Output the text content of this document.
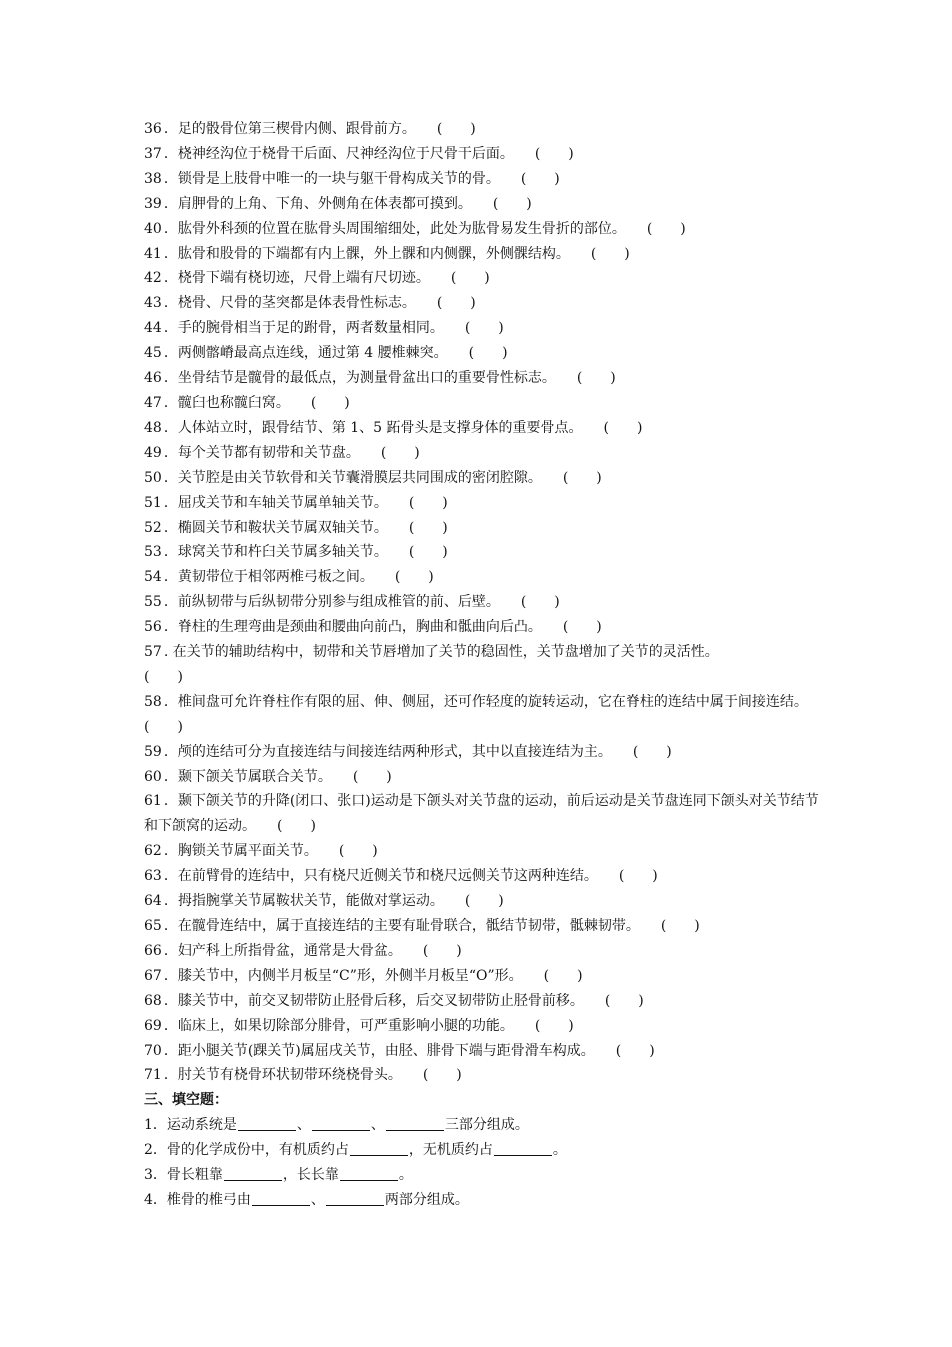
36 ．足的骰骨位第三楔骨内侧、跟骨前方。　　 (　　)
37 ．桡神经沟位于桡骨干后面、尺神经沟位于尺骨干后面。　　 (　　)
38 ．锁骨是上肢骨中唯一的一块与躯干骨构成关节的骨。　　 (　　)
39 ．肩胛骨的上角、下角、外侧角在体表都可摸到。　　 (　　)
40 ．肱骨外科颈的位置在肱骨头周围缩细处，此处为肱骨易发生骨折的部位。　　 (　　)
41 ．肱骨和股骨的下端都有内上髁，外上髁和内侧髁，外侧髁结构。　　 (　　)
42 ．桡骨下端有桡切迹，尺骨上端有尺切迹。　　 (　　)
43 ．桡骨、尺骨的茎突都是体表骨性标志。　　 (　　)
44 ．手的腕骨相当于足的跗骨，两者数量相同。　　 (　　)
45 ．两侧髂嵴最高点连线，通过第 4 腰椎棘突。　　 (　　)
46 ．坐骨结节是髋骨的最低点，为测量骨盆出口的重要骨性标志。　　 (　　)
47 ．髋臼也称髋臼窝。　　 (　　)
48 ．人体站立时，跟骨结节、第 1、5 跖骨头是支撑身体的重要骨点。　　 (　　)
49 ．每个关节都有韧带和关节盘。　　 (　　)
50 ．关节腔是由关节软骨和关节囊滑膜层共同围成的密闭腔隙。　　 (　　)
51 ．屈戌关节和车轴关节属单轴关节。　　 (　　)
52 ．椭圆关节和鞍状关节属双轴关节。　　 (　　)
53 ．球窝关节和杵臼关节属多轴关节。　　 (　　)
54 ．黄韧带位于相邻两椎弓板之间。　　 (　　)
55 ．前纵韧带与后纵韧带分别参与组成椎管的前、后壁。　　 (　　)
56 ．脊柱的生理弯曲是颈曲和腰曲向前凸，胸曲和骶曲向后凸。　　 (　　)
57 . 在关节的辅助结构中，韧带和关节唇增加了关节的稳固性，关节盘增加了关节的灵活性。
(　　)
58 ．椎间盘可允许脊柱作有限的屈、伸、侧屈，还可作轻度的旋转运动，它在脊柱的连结中属于间接连结。　　(　　)
59 ．颅的连结可分为直接连结与间接连结两种形式，其中以直接连结为主。　　 (　　)
60 ．颞下颌关节属联合关节。　　 (　　)
61 ．颞下颌关节的升降(闭口、张口)运动是下颌头对关节盘的运动，前后运动是关节盘连同下颌头对关节结节和下颌窝的运动。　　 (　　)
62 ．胸锁关节属平面关节。　　 (　　)
63 ．在前臂骨的连结中，只有桡尺近侧关节和桡尺远侧关节这两种连结。　　 (　　)
64 ．拇指腕掌关节属鞍状关节，能做对掌运动。　　 (　　)
65 ．在髋骨连结中，属于直接连结的主要有耻骨联合，骶结节韧带，骶棘韧带。　　 (　　)
66 ．妇产科上所指骨盆，通常是大骨盆。　　 (　　)
67 ．膝关节中，内侧半月板呈“C”形，外侧半月板呈“O”形。　　 (　　)
68 ．膝关节中，前交叉韧带防止胫骨后移，后交叉韧带防止胫骨前移。　　 (　　)
69 ．临床上，如果切除部分腓骨，可严重影响小腿的功能。　　 (　　)
70 ．距小腿关节(踝关节)属屈戌关节，由胫、腓骨下端与距骨滑车构成。　　 (　　)
71 ．肘关节有桡骨环状韧带环绕桡骨头。　　 (　　)
三、填空题：
1．运动系统是	、	、	三部分组成。
2．骨的化学成份中，有机质约占	，无机质约占	。
3．骨长粗靠	，长长靠	。
4．椎骨的椎弓由	、	两部分组成。
